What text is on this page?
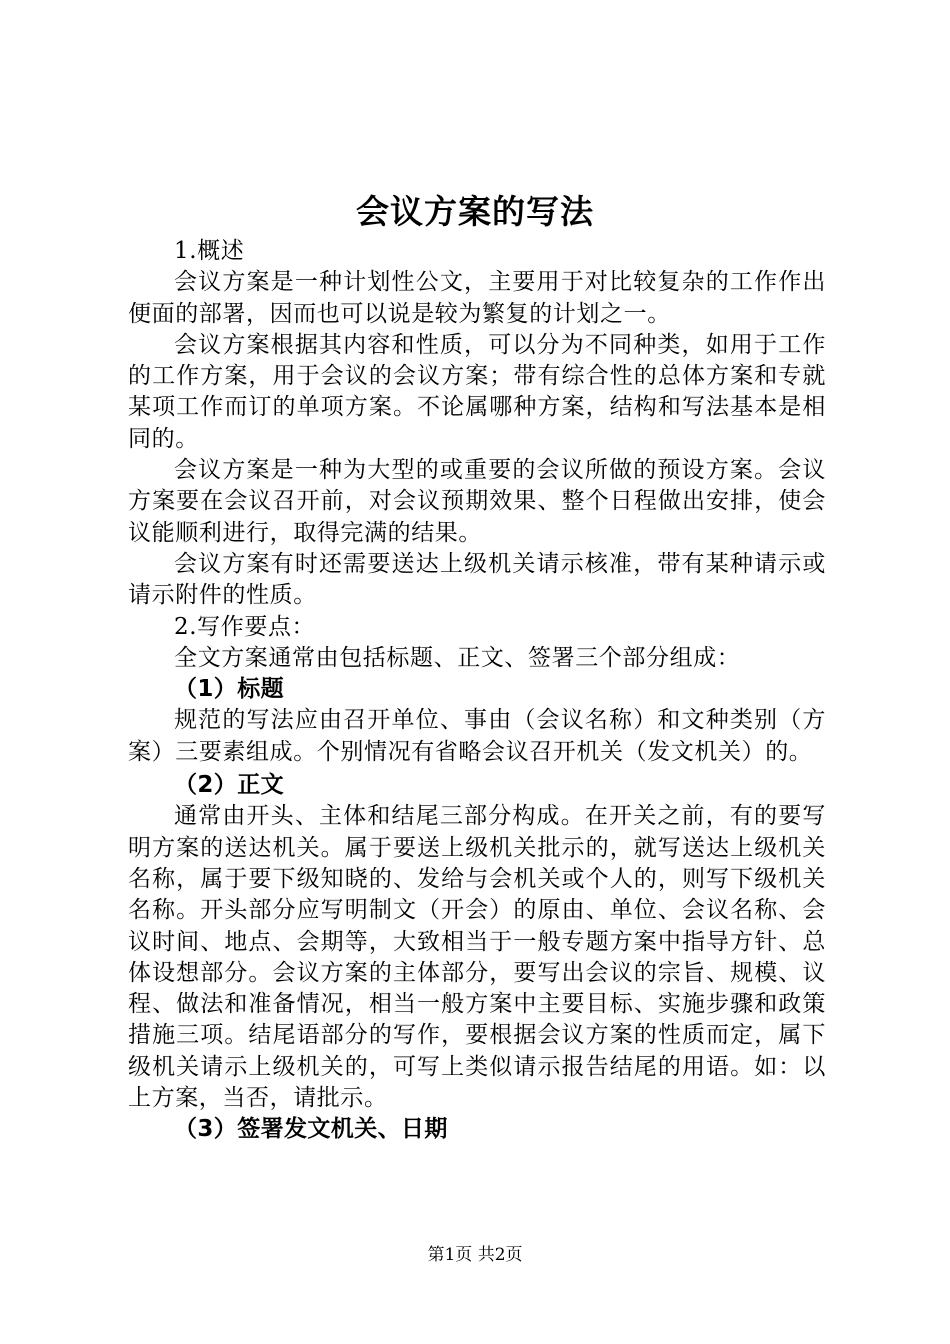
会议方案的写法

1.概述

会议方案是一种计划性公文，主要用于对比较复杂的工作作出便面的部署，因而也可以说是较为繁复的计划之一。

会议方案根据其内容和性质，可以分为不同种类，如用于工作的工作方案，用于会议的会议方案；带有综合性的总体方案和专就某项工作而订的单项方案。不论属哪种方案，结构和写法基本是相同的。

会议方案是一种为大型的或重要的会议所做的预设方案。会议方案要在会议召开前，对会议预期效果、整个日程做出安排，使会议能顺利进行，取得完满的结果。

会议方案有时还需要送达上级机关请示核准，带有某种请示或请示附件的性质。

2.写作要点：

全文方案通常由包括标题、正文、签署三个部分组成：

（1）标题

规范的写法应由召开单位、事由（会议名称）和文种类别（方案）三要素组成。个别情况有省略会议召开机关（发文机关）的。

（2）正文

通常由开头、主体和结尾三部分构成。在开关之前，有的要写明方案的送达机关。属于要送上级机关批示的，就写送达上级机关名称，属于要下级知晓的、发给与会机关或个人的，则写下级机关名称。开头部分应写明制文（开会）的原由、单位、会议名称、会议时间、地点、会期等，大致相当于一般专题方案中指导方针、总体设想部分。会议方案的主体部分，要写出会议的宗旨、规模、议程、做法和准备情况，相当一般方案中主要目标、实施步骤和政策措施三项。结尾语部分的写作，要根据会议方案的性质而定，属下级机关请示上级机关的，可写上类似请示报告结尾的用语。如：以上方案，当否，请批示。

（3）签署发文机关、日期

第1页 共2页
